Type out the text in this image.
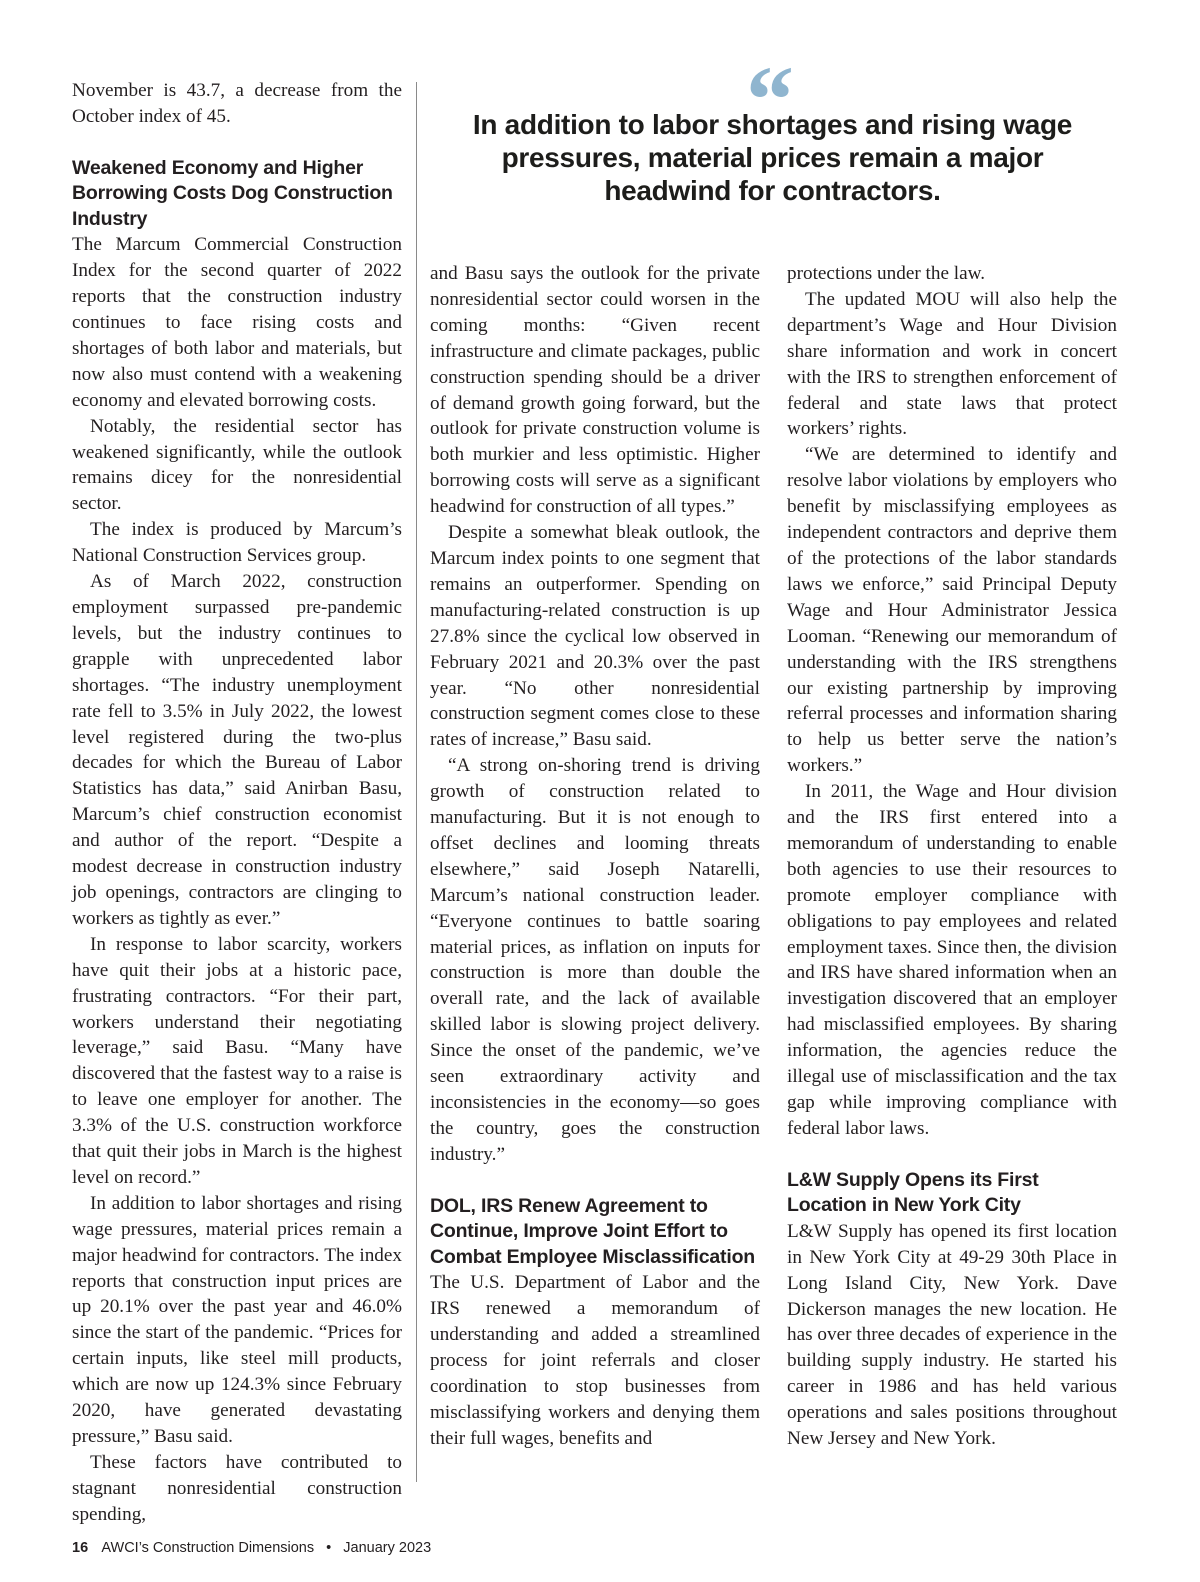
“
In addition to labor shortages and rising wage pressures, material prices remain a major headwind for contractors.

November is 43.7, a decrease from the October index of 45.

Weakened Economy and Higher Borrowing Costs Dog Construction Industry

The Marcum Commercial Construction Index for the second quarter of 2022 reports that the construction industry continues to face rising costs and shortages of both labor and materials, but now also must contend with a weakening economy and elevated borrowing costs.

Notably, the residential sector has weakened significantly, while the outlook remains dicey for the nonresidential sector.

The index is produced by Marcum’s National Construction Services group.

As of March 2022, construction employment surpassed pre-pandemic levels, but the industry continues to grapple with unprecedented labor shortages. “The industry unemployment rate fell to 3.5% in July 2022, the lowest level registered during the two-plus decades for which the Bureau of Labor Statistics has data,” said Anirban Basu, Marcum’s chief construction economist and author of the report. “Despite a modest decrease in construction industry job openings, contractors are clinging to workers as tightly as ever.”

In response to labor scarcity, workers have quit their jobs at a historic pace, frustrating contractors. “For their part, workers understand their negotiating leverage,” said Basu. “Many have discovered that the fastest way to a raise is to leave one employer for another. The 3.3% of the U.S. construction workforce that quit their jobs in March is the highest level on record.”

In addition to labor shortages and rising wage pressures, material prices remain a major headwind for contractors. The index reports that construction input prices are up 20.1% over the past year and 46.0% since the start of the pandemic. “Prices for certain inputs, like steel mill products, which are now up 124.3% since February 2020, have generated devastating pressure,” Basu said.

These factors have contributed to stagnant nonresidential construction spending,

and Basu says the outlook for the private nonresidential sector could worsen in the coming months: “Given recent infrastructure and climate packages, public construction spending should be a driver of demand growth going forward, but the outlook for private construction volume is both murkier and less optimistic. Higher borrowing costs will serve as a significant headwind for construction of all types.”

Despite a somewhat bleak outlook, the Marcum index points to one segment that remains an outperformer. Spending on manufacturing-related construction is up 27.8% since the cyclical low observed in February 2021 and 20.3% over the past year. “No other nonresidential construction segment comes close to these rates of increase,” Basu said.

“A strong on-shoring trend is driving growth of construction related to manufacturing. But it is not enough to offset declines and looming threats elsewhere,” said Joseph Natarelli, Marcum’s national construction leader. “Everyone continues to battle soaring material prices, as inflation on inputs for construction is more than double the overall rate, and the lack of available skilled labor is slowing project delivery. Since the onset of the pandemic, we’ve seen extraordinary activity and inconsistencies in the economy—so goes the country, goes the construction industry.”

DOL, IRS Renew Agreement to Continue, Improve Joint Effort to Combat Employee Misclassification

The U.S. Department of Labor and the IRS renewed a memorandum of understanding and added a streamlined process for joint referrals and closer coordination to stop businesses from misclassifying workers and denying them their full wages, benefits and

protections under the law.

The updated MOU will also help the department’s Wage and Hour Division share information and work in concert with the IRS to strengthen enforcement of federal and state laws that protect workers’ rights.

“We are determined to identify and resolve labor violations by employers who benefit by misclassifying employees as independent contractors and deprive them of the protections of the labor standards laws we enforce,” said Principal Deputy Wage and Hour Administrator Jessica Looman. “Renewing our memorandum of understanding with the IRS strengthens our existing partnership by improving referral processes and information sharing to help us better serve the nation’s workers.”

In 2011, the Wage and Hour division and the IRS first entered into a memorandum of understanding to enable both agencies to use their resources to promote employer compliance with obligations to pay employees and related employment taxes. Since then, the division and IRS have shared information when an investigation discovered that an employer had misclassified employees. By sharing information, the agencies reduce the illegal use of misclassification and the tax gap while improving compliance with federal labor laws.

L&W Supply Opens its First Location in New York City

L&W Supply has opened its first location in New York City at 49-29 30th Place in Long Island City, New York. Dave Dickerson manages the new location. He has over three decades of experience in the building supply industry. He started his career in 1986 and has held various operations and sales positions throughout New Jersey and New York.

16 AWCI’s Construction Dimensions • January 2023
